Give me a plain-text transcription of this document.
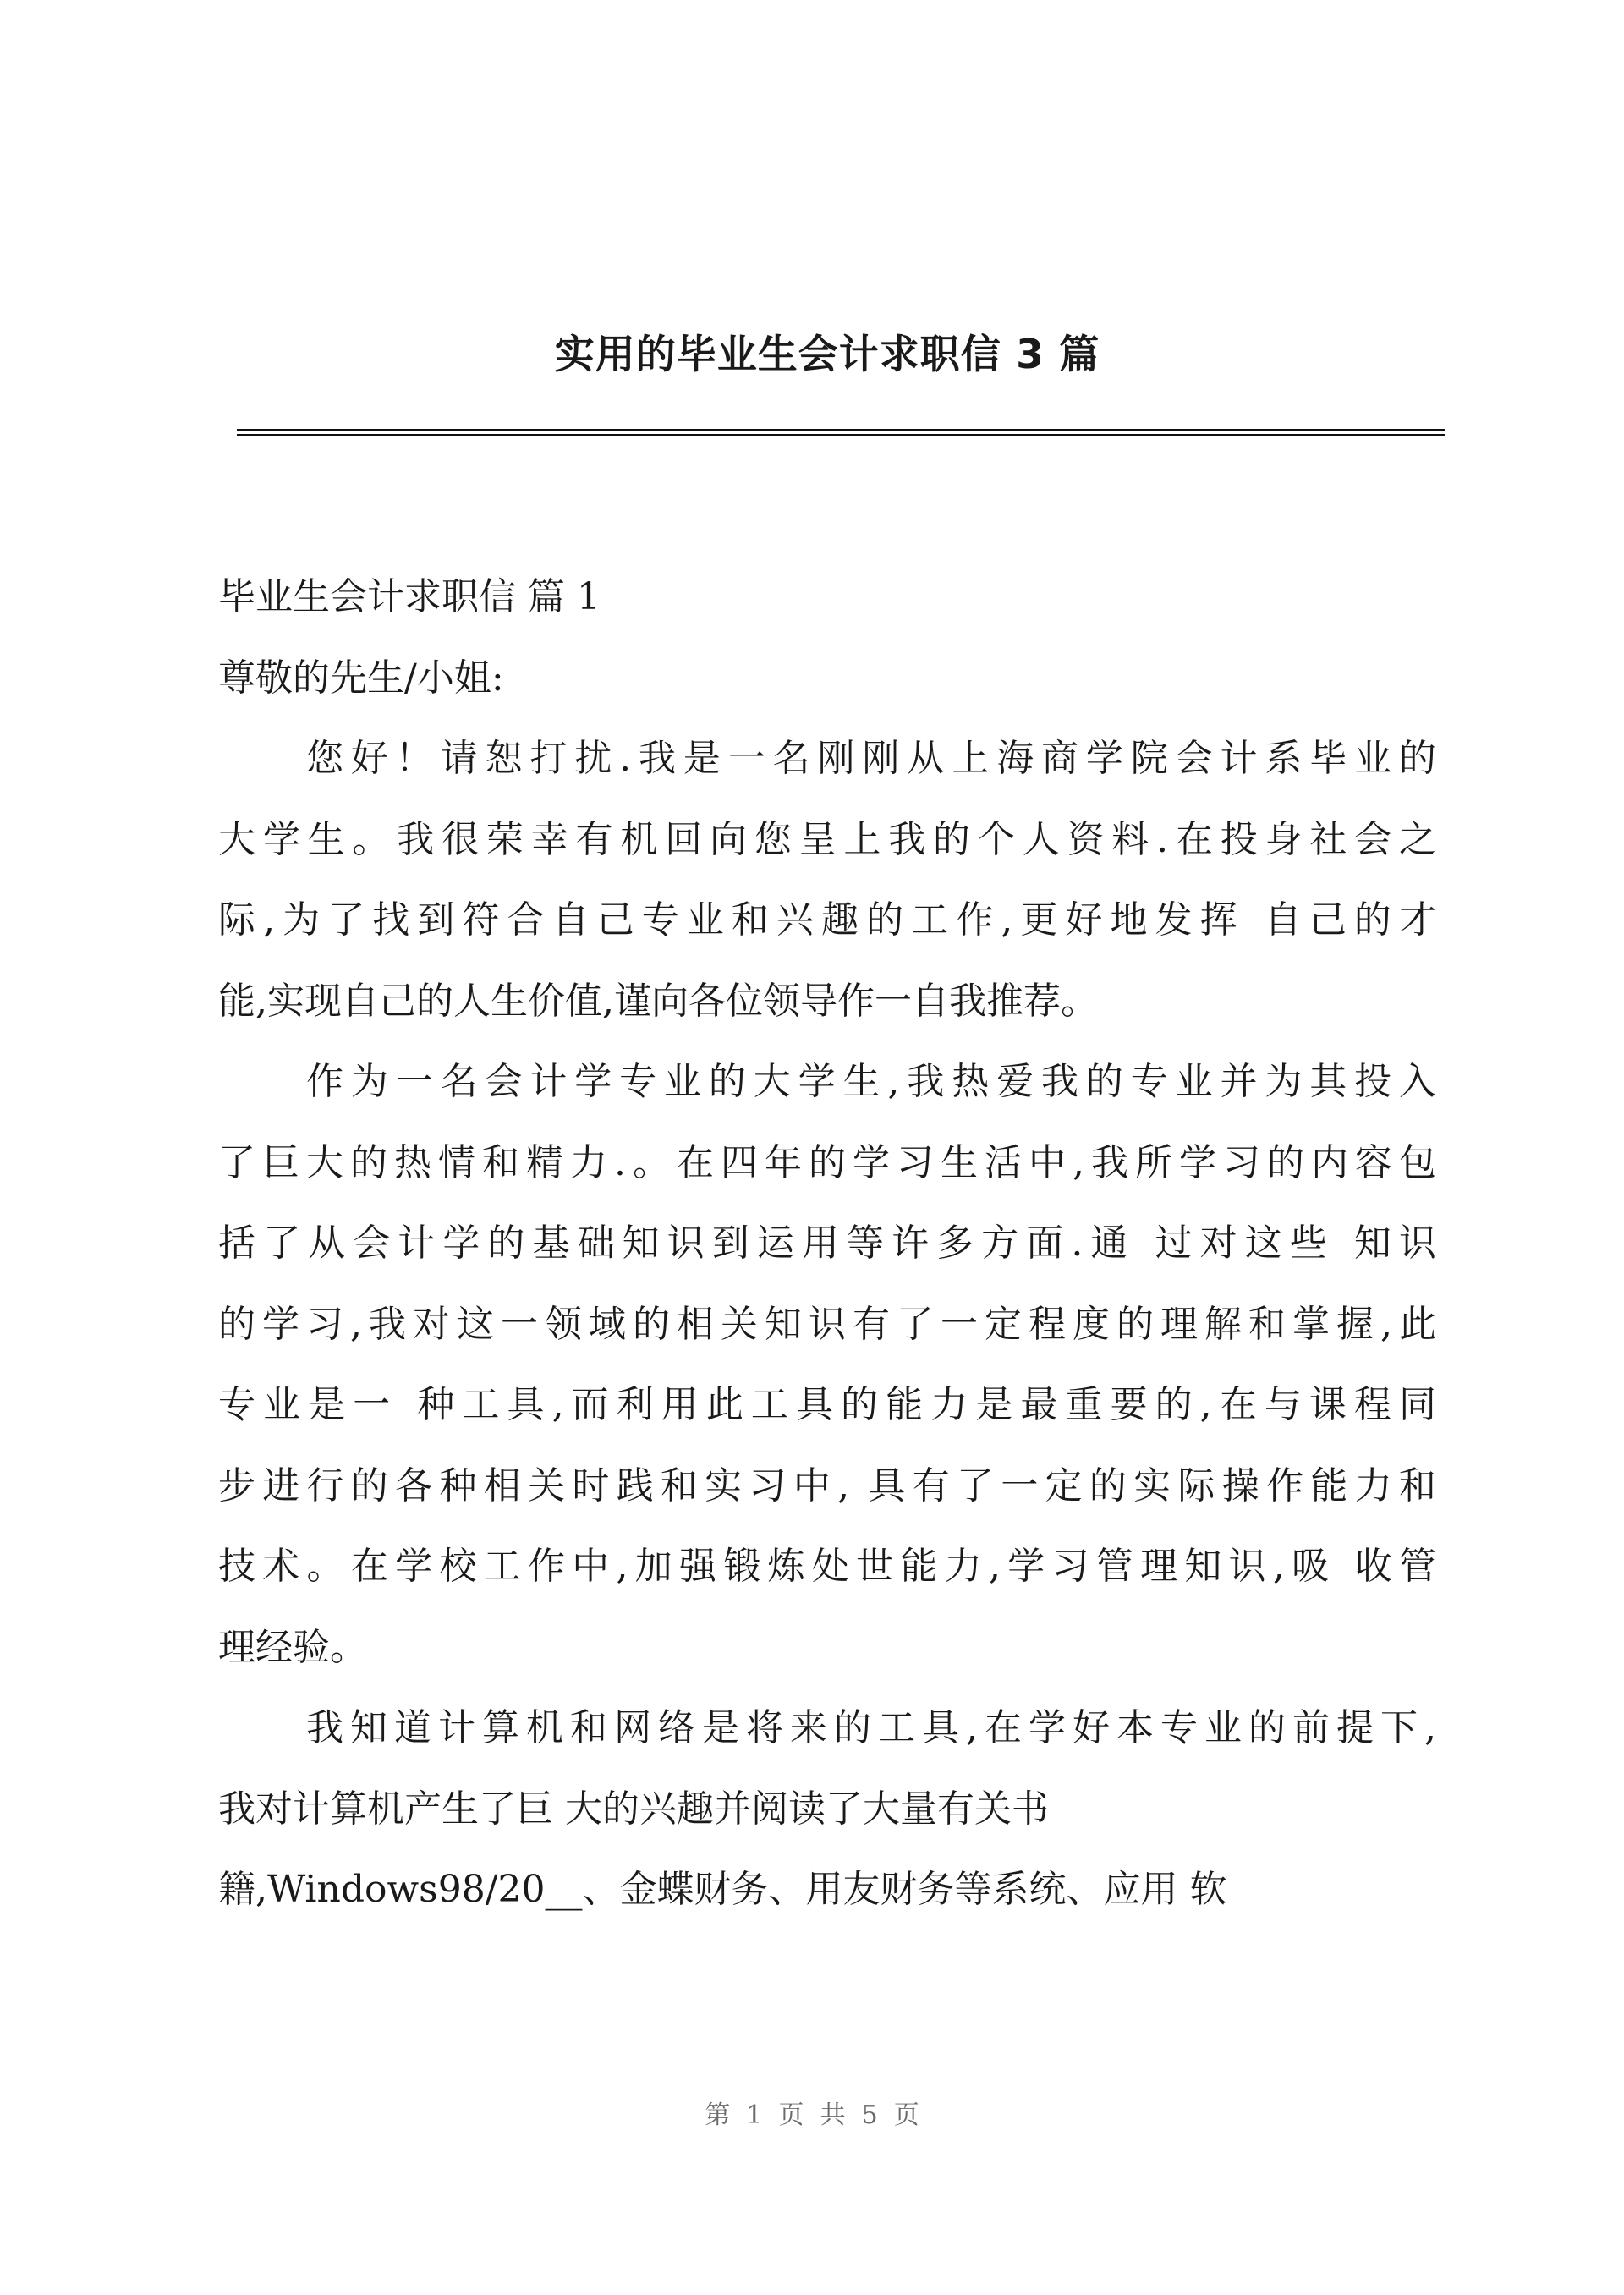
实用的毕业生会计求职信 3 篇
毕业生会计求职信 篇 1
尊敬的先生/小姐:
您好！请恕打扰.我是一名刚刚从上海商学院会计系毕业的
大学生。我很荣幸有机回向您呈上我的个人资料.在投身社会之
际,为了找到符合自己专业和兴趣的工作,更好地发挥 自己的才
能,实现自己的人生价值,谨向各位领导作一自我推荐。
作为一名会计学专业的大学生,我热爱我的专业并为其投入
了巨大的热情和精力.。在四年的学习生活中,我所学习的内容包
括了从会计学的基础知识到运用等许多方面.通 过对这些 知识
的学习,我对这一领域的相关知识有了一定程度的理解和掌握,此
专业是一 种工具,而利用此工具的能力是最重要的,在与课程同
步进行的各种相关时践和实习中, 具有了一定的实际操作能力和
技术。在学校工作中,加强锻炼处世能力,学习管理知识,吸 收管
理经验。
我知道计算机和网络是将来的工具,在学好本专业的前提下,
我对计算机产生了巨 大的兴趣并阅读了大量有关书
籍,Windows98/20__、金蝶财务、用友财务等系统、应用 软
第  1  页  共  5  页
